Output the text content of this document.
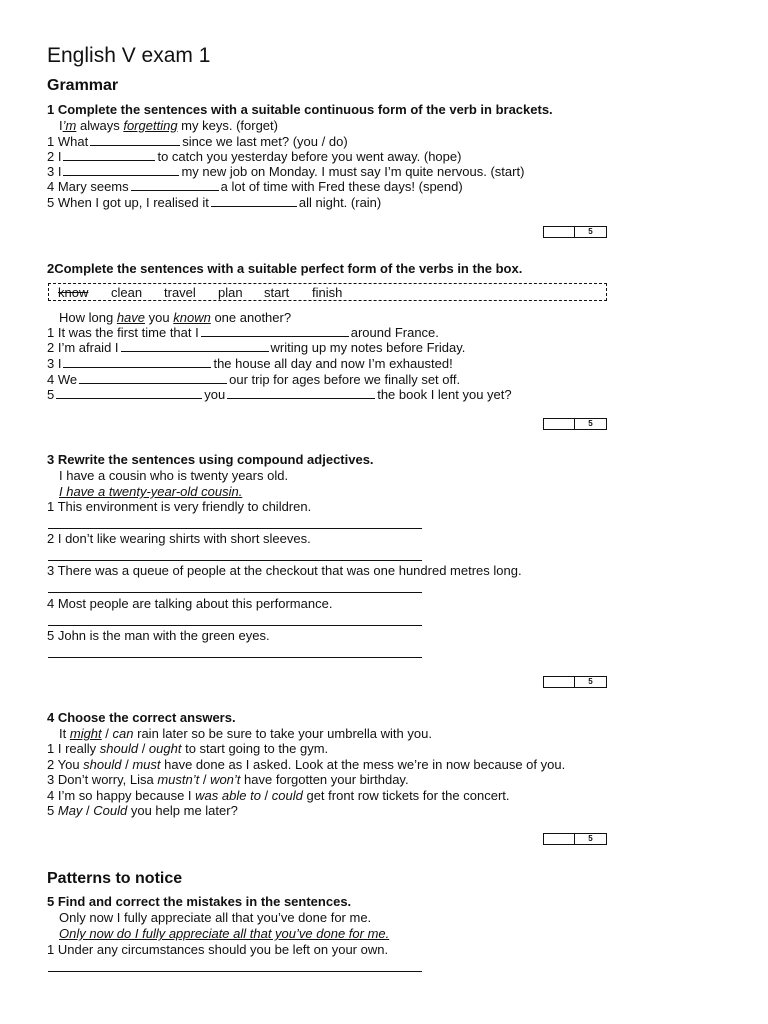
English V exam 1
Grammar
1 Complete the sentences with a suitable continuous form of the verb in brackets.
I’m always forgetting my keys. (forget)
1 What	since we last met? (you / do)
2 I	to catch you yesterday before you went away. (hope)
3 I	my new job on Monday. I must say I’m quite nervous. (start)
4 Mary seems	a lot of time with Fred these days! (spend)
5 When I got up, I realised it	all night. (rain)
5
2Complete the sentences with a suitable perfect form of the verbs in the box.
know clean travel plan start finish
How long have you known one another?
1 It was the first time that I	around France.
2 I’m afraid I	writing up my notes before Friday.
3 I	the house all day and now I’m exhausted!
4 We	our trip for ages before we finally set off.
5	you	the book I lent you yet?
5
3 Rewrite the sentences using compound adjectives.
I have a cousin who is twenty years old.
I have a twenty-year-old cousin.
1 This environment is very friendly to children.
2 I don’t like wearing shirts with short sleeves.
3 There was a queue of people at the checkout that was one hundred metres long.
4 Most people are talking about this performance.
5 John is the man with the green eyes.
5
4 Choose the correct answers.
It might / can rain later so be sure to take your umbrella with you.
1 I really should / ought to start going to the gym.
2 You should / must have done as I asked. Look at the mess we’re in now because of you.
3 Don’t worry, Lisa mustn’t / won’t have forgotten your birthday.
4 I’m so happy because I was able to / could get front row tickets for the concert.
5 May / Could you help me later?
5
Patterns to notice
5 Find and correct the mistakes in the sentences.
Only now I fully appreciate all that you’ve done for me.
Only now do I fully appreciate all that you’ve done for me.
1 Under any circumstances should you be left on your own.
